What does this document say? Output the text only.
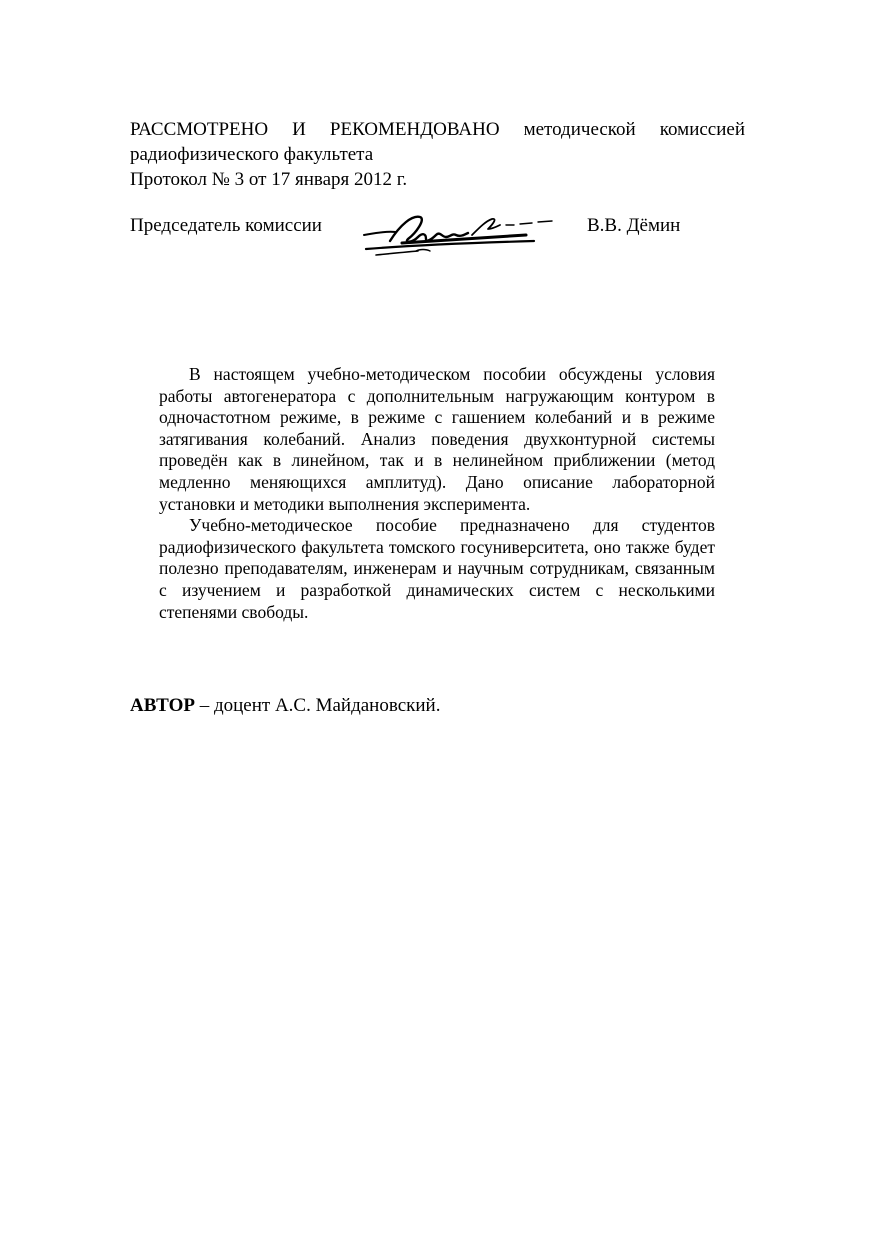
РАССМОТРЕНО И РЕКОМЕНДОВАНО методической комиссией
радиофизического факультета
Протокол № 3 от 17 января 2012 г.
Председатель комиссии	В.В. Дёмин

В настоящем учебно-методическом пособии обсуждены условия работы автогенератора с дополнительным нагружающим контуром в одночастотном режиме, в режиме с гашением колебаний и в режиме затягивания колебаний. Анализ поведения двухконтурной системы проведён как в линейном, так и в нелинейном приближении (метод медленно меняющихся амплитуд). Дано описание лабораторной установки и методики выполнения эксперимента.

Учебно-методическое пособие предназначено для студентов радиофизического факультета томского госуниверситета, оно также будет полезно преподавателям, инженерам и научным сотрудникам, связанным с изучением и разработкой динамических систем с несколькими степенями свободы.

АВТОР – доцент А.С. Майдановский.
